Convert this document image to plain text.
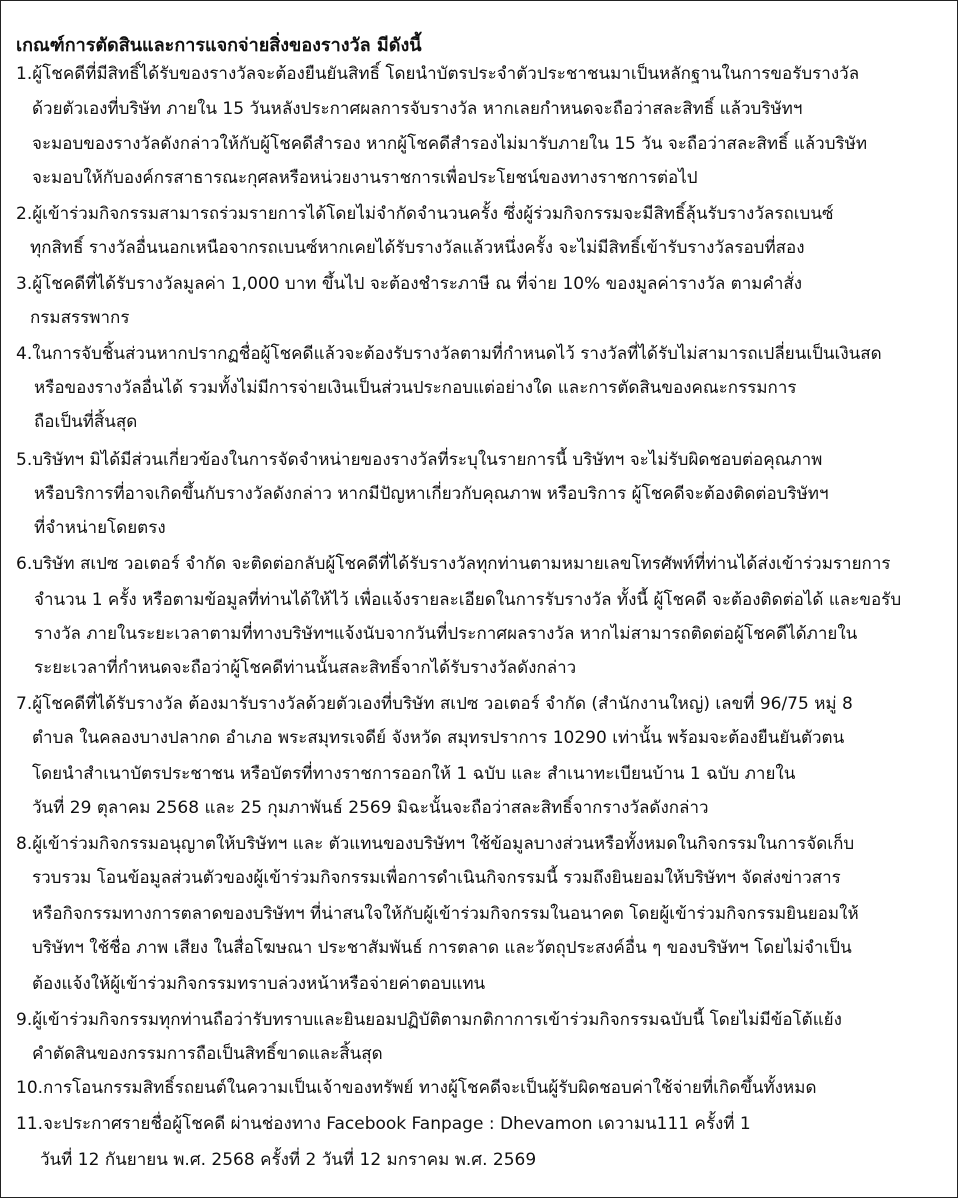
เกณฑ์การตัดสินและการแจกจ่ายสิ่งของรางวัล มีดังนี้
1.ผู้โชคดีที่มีสิทธิ์ได้รับของรางวัลจะต้องยืนยันสิทธิ์ โดยนำบัตรประจำตัวประชาชนมาเป็นหลักฐานในการขอรับรางวัล
ด้วยตัวเองที่บริษัท ภายใน 15 วันหลังประกาศผลการจับรางวัล หากเลยกำหนดจะถือว่าสละสิทธิ์ แล้วบริษัทฯ
จะมอบของรางวัลดังกล่าวให้กับผู้โชคดีสำรอง หากผู้โชคดีสำรองไม่มารับภายใน 15 วัน จะถือว่าสละสิทธิ์ แล้วบริษัท
จะมอบให้กับองค์กรสาธารณะกุศลหรือหน่วยงานราชการเพื่อประโยชน์ของทางราชการต่อไป
2.ผู้เข้าร่วมกิจกรรมสามารถร่วมรายการได้โดยไม่จำกัดจำนวนครั้ง ซึ่งผู้ร่วมกิจกรรมจะมีสิทธิ์ลุ้นรับรางวัลรถเบนซ์
ทุกสิทธิ์ รางวัลอื่นนอกเหนือจากรถเบนซ์หากเคยได้รับรางวัลแล้วหนึ่งครั้ง จะไม่มีสิทธิ์เข้ารับรางวัลรอบที่สอง
3.ผู้โชคดีที่ได้รับรางวัลมูลค่า 1,000 บาท ขึ้นไป จะต้องชำระภาษี ณ ที่จ่าย 10% ของมูลค่ารางวัล ตามคำสั่ง
กรมสรรพากร
4.ในการจับชิ้นส่วนหากปรากฏชื่อผู้โชคดีแล้วจะต้องรับรางวัลตามที่กำหนดไว้ รางวัลที่ได้รับไม่สามารถเปลี่ยนเป็นเงินสด
หรือของรางวัลอื่นได้ รวมทั้งไม่มีการจ่ายเงินเป็นส่วนประกอบแต่อย่างใด และการตัดสินของคณะกรรมการ
ถือเป็นที่สิ้นสุด
5.บริษัทฯ มิได้มีส่วนเกี่ยวข้องในการจัดจำหน่ายของรางวัลที่ระบุในรายการนี้ บริษัทฯ จะไม่รับผิดชอบต่อคุณภาพ
หรือบริการที่อาจเกิดขึ้นกับรางวัลดังกล่าว หากมีปัญหาเกี่ยวกับคุณภาพ หรือบริการ ผู้โชคดีจะต้องติดต่อบริษัทฯ
ที่จำหน่ายโดยตรง
6.บริษัท สเปซ วอเตอร์ จำกัด จะติดต่อกลับผู้โชคดีที่ได้รับรางวัลทุกท่านตามหมายเลขโทรศัพท์ที่ท่านได้ส่งเข้าร่วมรายการ
จำนวน 1 ครั้ง หรือตามข้อมูลที่ท่านได้ให้ไว้ เพื่อแจ้งรายละเอียดในการรับรางวัล ทั้งนี้ ผู้โชคดี จะต้องติดต่อได้ และขอรับ
รางวัล ภายในระยะเวลาตามที่ทางบริษัทฯแจ้งนับจากวันที่ประกาศผลรางวัล หากไม่สามารถติดต่อผู้โชคดีได้ภายใน
ระยะเวลาที่กำหนดจะถือว่าผู้โชคดีท่านนั้นสละสิทธิ์จากได้รับรางวัลดังกล่าว
7.ผู้โชคดีที่ได้รับรางวัล ต้องมารับรางวัลด้วยตัวเองที่บริษัท สเปซ วอเตอร์ จำกัด (สำนักงานใหญ่) เลขที่ 96/75 หมู่ 8
ตำบล ในคลองบางปลากด อำเภอ พระสมุทรเจดีย์ จังหวัด สมุทรปราการ 10290 เท่านั้น พร้อมจะต้องยืนยันตัวตน
โดยนำสำเนาบัตรประชาชน หรือบัตรที่ทางราชการออกให้ 1 ฉบับ และ สำเนาทะเบียนบ้าน 1 ฉบับ ภายใน
วันที่ 29 ตุลาคม 2568 และ 25 กุมภาพันธ์ 2569 มิฉะนั้นจะถือว่าสละสิทธิ์จากรางวัลดังกล่าว
8.ผู้เข้าร่วมกิจกรรมอนุญาตให้บริษัทฯ และ ตัวแทนของบริษัทฯ ใช้ข้อมูลบางส่วนหรือทั้งหมดในกิจกรรมในการจัดเก็บ
รวบรวม โอนข้อมูลส่วนตัวของผู้เข้าร่วมกิจกรรมเพื่อการดำเนินกิจกรรมนี้ รวมถึงยินยอมให้บริษัทฯ จัดส่งข่าวสาร
หรือกิจกรรมทางการตลาดของบริษัทฯ ที่น่าสนใจให้กับผู้เข้าร่วมกิจกรรมในอนาคต โดยผู้เข้าร่วมกิจกรรมยินยอมให้
บริษัทฯ ใช้ชื่อ ภาพ เสียง ในสื่อโฆษณา ประชาสัมพันธ์ การตลาด และวัตถุประสงค์อื่น ๆ ของบริษัทฯ โดยไม่จำเป็น
ต้องแจ้งให้ผู้เข้าร่วมกิจกรรมทราบล่วงหน้าหรือจ่ายค่าตอบแทน
9.ผู้เข้าร่วมกิจกรรมทุกท่านถือว่ารับทราบและยินยอมปฏิบัติตามกติกาการเข้าร่วมกิจกรรมฉบับนี้ โดยไม่มีข้อโต้แย้ง
คำตัดสินของกรรมการถือเป็นสิทธิ์ขาดและสิ้นสุด
10.การโอนกรรมสิทธิ์รถยนต์ในความเป็นเจ้าของทรัพย์ ทางผู้โชคดีจะเป็นผู้รับผิดชอบค่าใช้จ่ายที่เกิดขึ้นทั้งหมด
11.จะประกาศรายชื่อผู้โชคดี ผ่านช่องทาง Facebook Fanpage : Dhevamon เดวามน111 ครั้งที่ 1
วันที่ 12 กันยายน พ.ศ. 2568 ครั้งที่ 2 วันที่ 12 มกราคม พ.ศ. 2569
